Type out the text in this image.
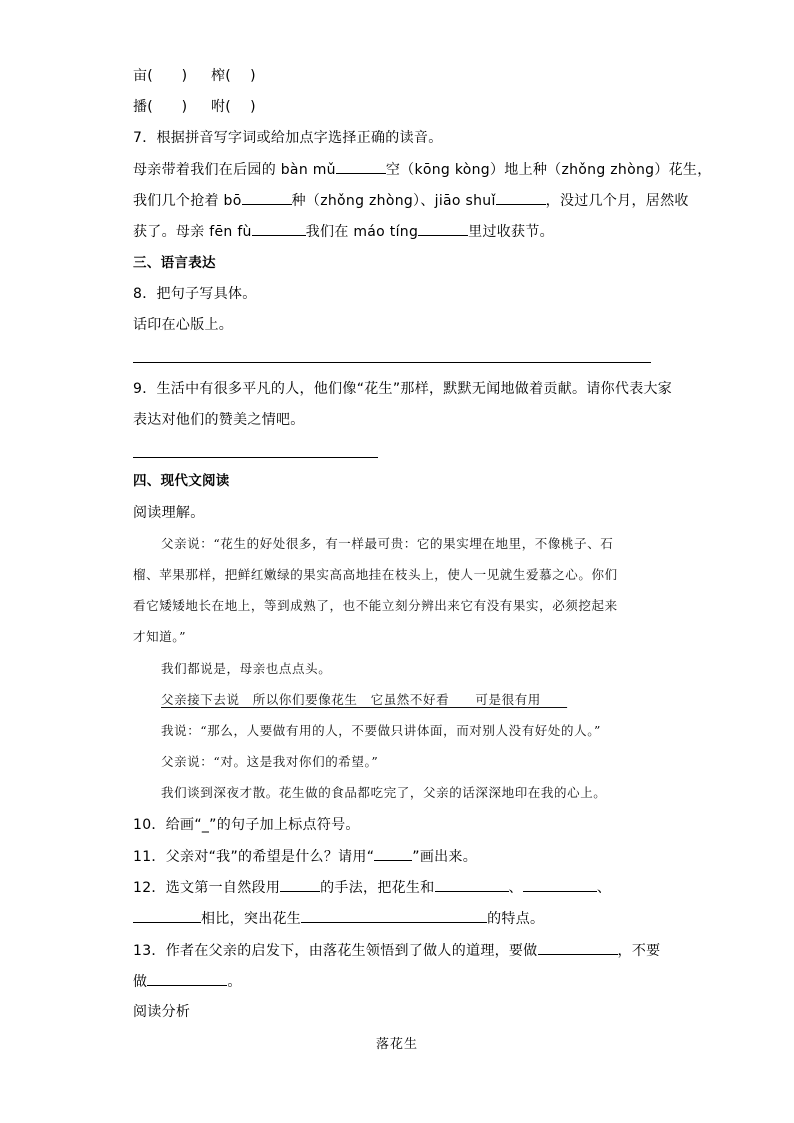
亩(　　) 榨(　 )
播(　　) 咐(　 )
7．根据拼音写字词或给加点字选择正确的读音。
母亲带着我们在后园的 bàn mǔ	空（kōng kòng）地上种（zhǒng zhòng）花生，
我们几个抢着 bō	种（zhǒng zhòng）、jiāo shuǐ	，没过几个月，居然收
获了。母亲 fēn fù	我们在 máo tíng	里过收获节。
三、语言表达
8．把句子写具体。
话印在心版上。
9．生活中有很多平凡的人，他们像“花生”那样，默默无闻地做着贡献。请你代表大家
表达对他们的赞美之情吧。
四、现代文阅读
阅读理解。
父亲说：“花生的好处很多，有一样最可贵：它的果实埋在地里，不像桃子、石
榴、苹果那样，把鲜红嫩绿的果实高高地挂在枝头上，使人一见就生爱慕之心。你们
看它矮矮地长在地上，等到成熟了，也不能立刻分辨出来它有没有果实，必须挖起来
才知道。”
我们都说是，母亲也点点头。
父亲接下去说　所以你们要像花生　它虽然不好看　　可是很有用　　
我说：“那么，人要做有用的人，不要做只讲体面，而对别人没有好处的人。”
父亲说：“对。这是我对你们的希望。”
我们谈到深夜才散。花生做的食品都吃完了，父亲的话深深地印在我的心上。
10．给画“_”的句子加上标点符号。
11．父亲对“我”的希望是什么？请用“	”画出来。
12．选文第一自然段用	的手法，把花生和	、	、
相比，突出花生	的特点。
13．作者在父亲的启发下，由落花生领悟到了做人的道理，要做	，不要
做	。
阅读分析
落花生
